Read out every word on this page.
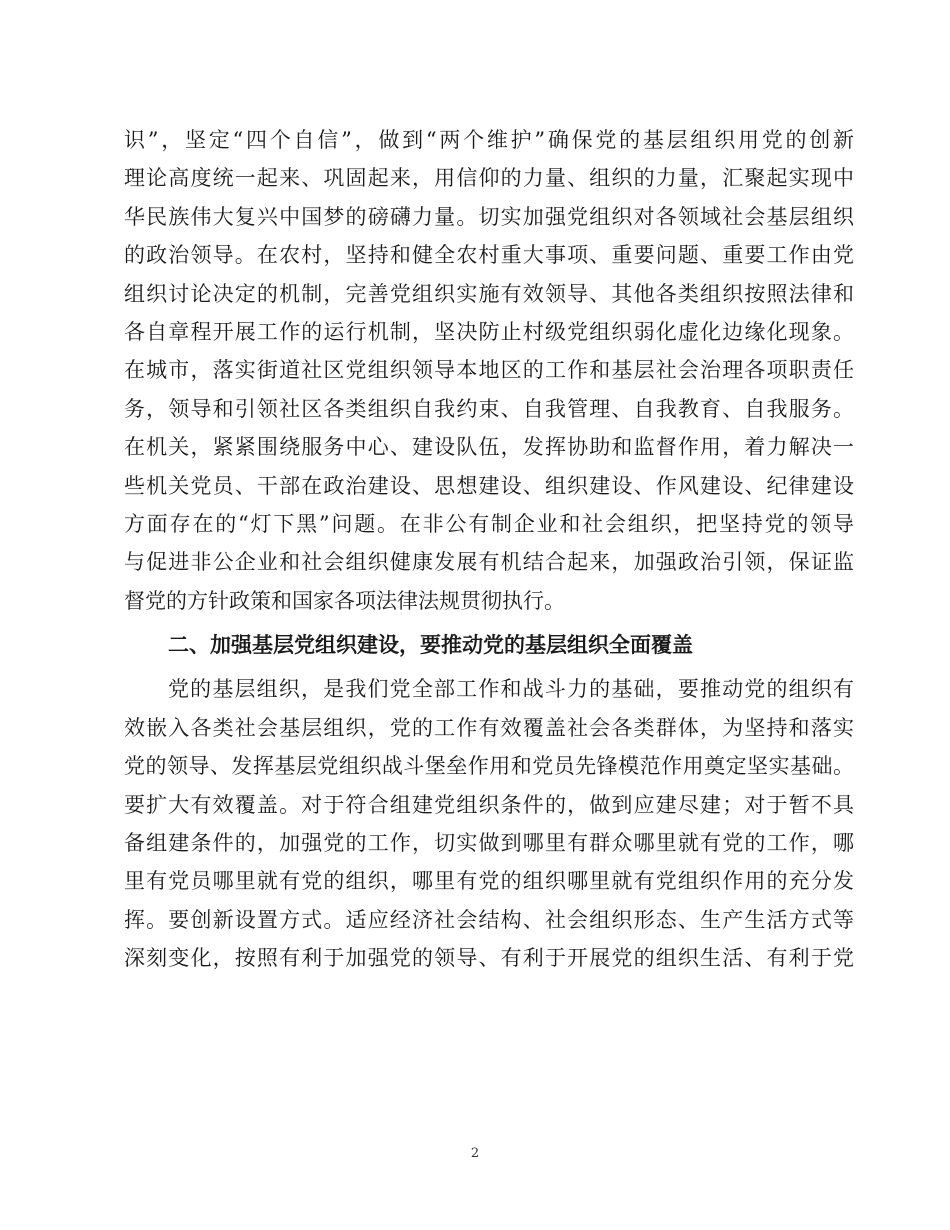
识”，坚定“四个自信”，做到“两个维护”确保党的基层组织用党的创新
理论高度统一起来、巩固起来，用信仰的力量、组织的力量，汇聚起实现中
华民族伟大复兴中国梦的磅礴力量。切实加强党组织对各领域社会基层组织
的政治领导。在农村，坚持和健全农村重大事项、重要问题、重要工作由党
组织讨论决定的机制，完善党组织实施有效领导、其他各类组织按照法律和
各自章程开展工作的运行机制，坚决防止村级党组织弱化虚化边缘化现象。
在城市，落实街道社区党组织领导本地区的工作和基层社会治理各项职责任
务，领导和引领社区各类组织自我约束、自我管理、自我教育、自我服务。
在机关，紧紧围绕服务中心、建设队伍，发挥协助和监督作用，着力解决一
些机关党员、干部在政治建设、思想建设、组织建设、作风建设、纪律建设
方面存在的“灯下黑”问题。在非公有制企业和社会组织，把坚持党的领导
与促进非公企业和社会组织健康发展有机结合起来，加强政治引领，保证监
督党的方针政策和国家各项法律法规贯彻执行。
二、加强基层党组织建设，要推动党的基层组织全面覆盖
党的基层组织，是我们党全部工作和战斗力的基础，要推动党的组织有
效嵌入各类社会基层组织，党的工作有效覆盖社会各类群体，为坚持和落实
党的领导、发挥基层党组织战斗堡垒作用和党员先锋模范作用奠定坚实基础。
要扩大有效覆盖。对于符合组建党组织条件的，做到应建尽建；对于暂不具
备组建条件的，加强党的工作，切实做到哪里有群众哪里就有党的工作，哪
里有党员哪里就有党的组织，哪里有党的组织哪里就有党组织作用的充分发
挥。要创新设置方式。适应经济社会结构、社会组织形态、生产生活方式等
深刻变化，按照有利于加强党的领导、有利于开展党的组织生活、有利于党
2
